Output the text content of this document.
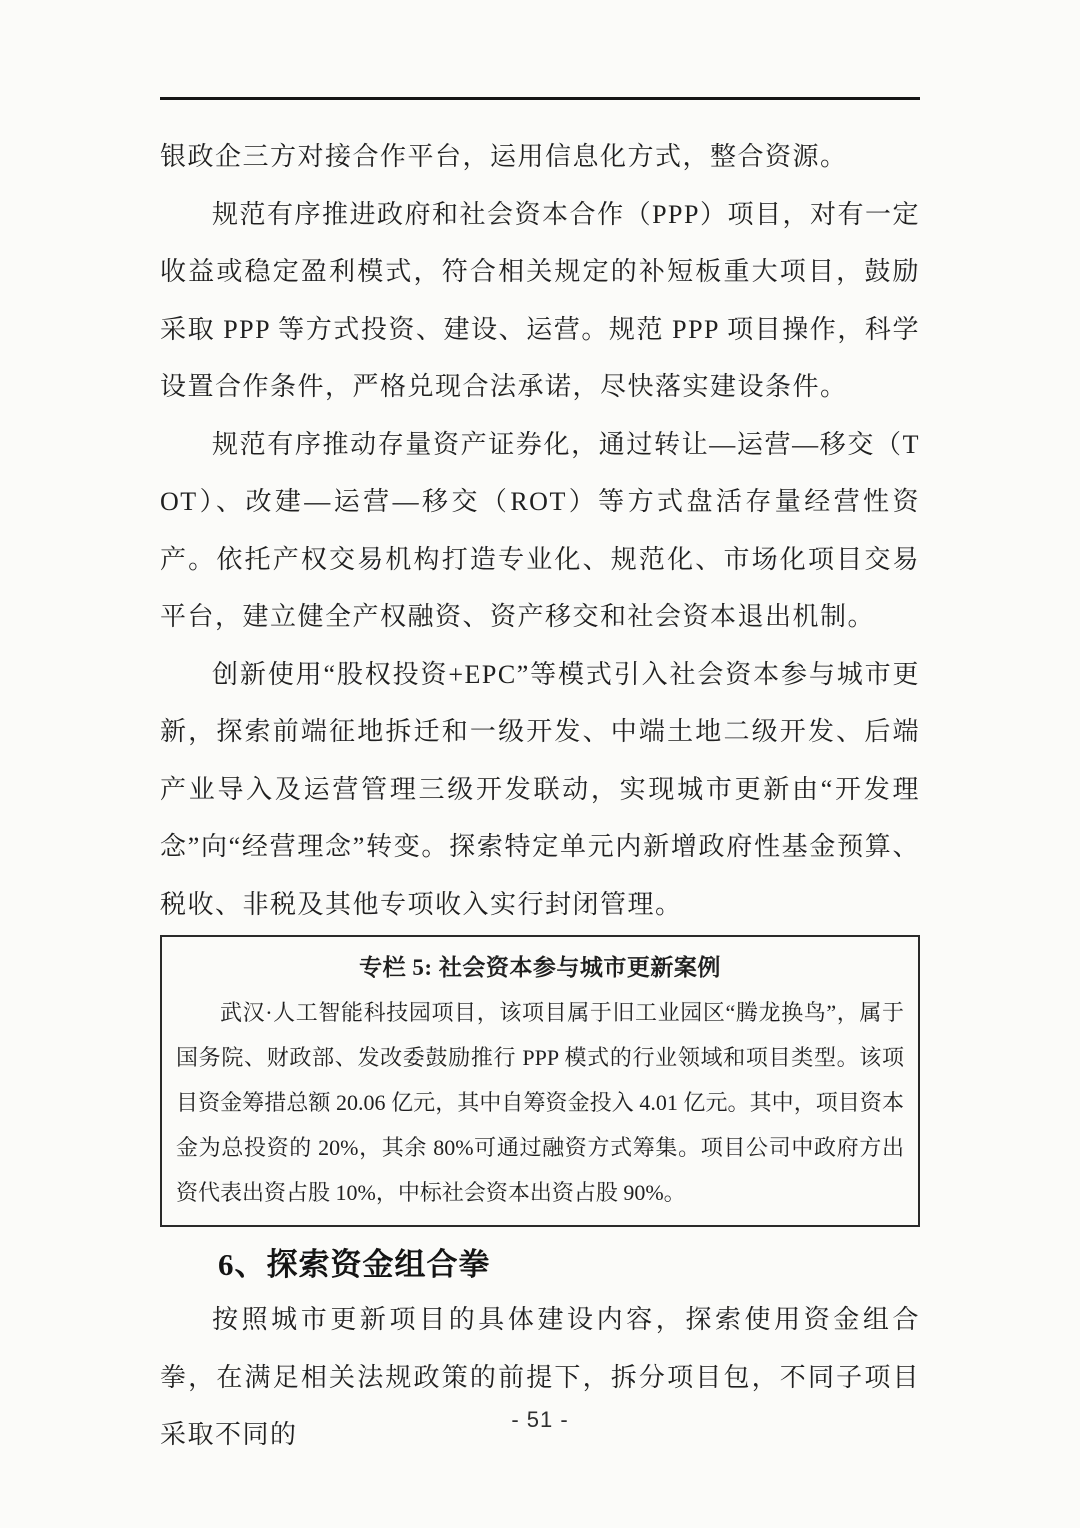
银政企三方对接合作平台，运用信息化方式，整合资源。

规范有序推进政府和社会资本合作（PPP）项目，对有一定收益或稳定盈利模式，符合相关规定的补短板重大项目，鼓励采取 PPP 等方式投资、建设、运营。规范 PPP 项目操作，科学设置合作条件，严格兑现合法承诺，尽快落实建设条件。

规范有序推动存量资产证券化，通过转让—运营—移交（TOT）、改建—运营—移交（ROT）等方式盘活存量经营性资产。依托产权交易机构打造专业化、规范化、市场化项目交易平台，建立健全产权融资、资产移交和社会资本退出机制。

创新使用“股权投资+EPC”等模式引入社会资本参与城市更新，探索前端征地拆迁和一级开发、中端土地二级开发、后端产业导入及运营管理三级开发联动，实现城市更新由“开发理念”向“经营理念”转变。探索特定单元内新增政府性基金预算、税收、非税及其他专项收入实行封闭管理。

专栏 5: 社会资本参与城市更新案例

武汉·人工智能科技园项目，该项目属于旧工业园区“腾龙换鸟”，属于国务院、财政部、发改委鼓励推行 PPP 模式的行业领域和项目类型。该项目资金筹措总额 20.06 亿元，其中自筹资金投入 4.01 亿元。其中，项目资本金为总投资的 20%，其余 80%可通过融资方式筹集。项目公司中政府方出资代表出资占股 10%，中标社会资本出资占股 90%。

6、探索资金组合拳

按照城市更新项目的具体建设内容，探索使用资金组合拳，在满足相关法规政策的前提下，拆分项目包，不同子项目采取不同的

- 51 -
